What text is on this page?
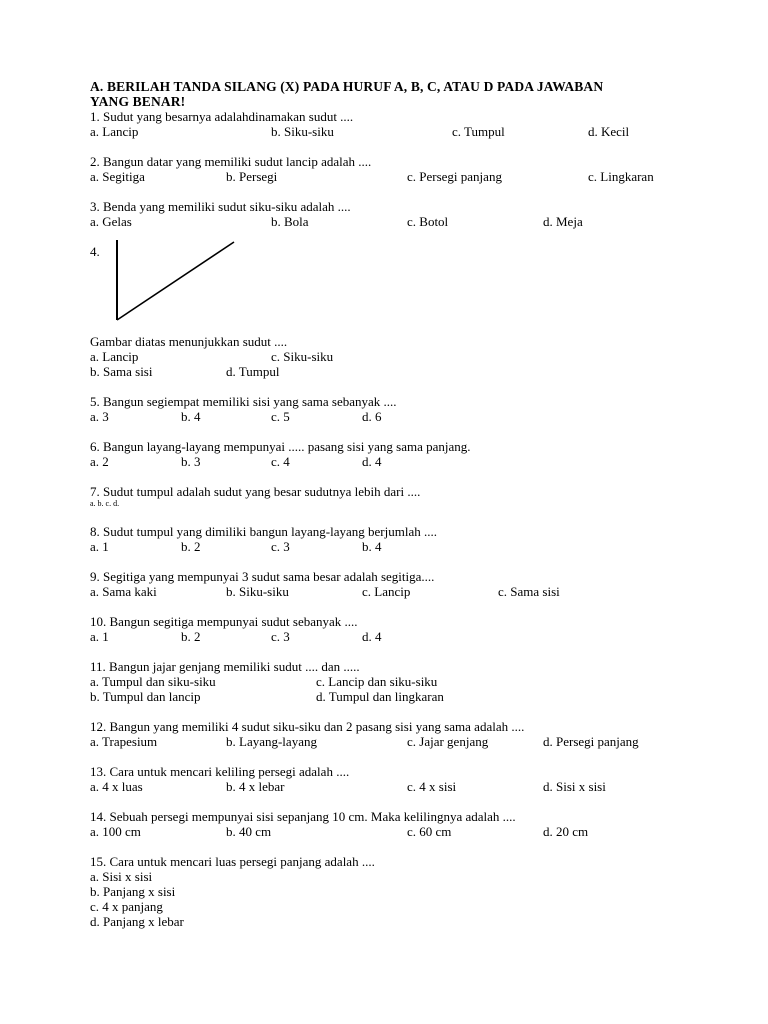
A. BERILAH TANDA SILANG (X) PADA HURUF A, B, C, ATAU D PADA JAWABAN
YANG BENAR!
1. Sudut yang besarnya adalahdinamakan sudut ....
a. Lancip	b. Siku-siku	c. Tumpul	d. Kecil
2. Bangun datar yang memiliki sudut lancip adalah ....
a. Segitiga	b. Persegi	c. Persegi panjang	c. Lingkaran
3. Benda yang memiliki sudut siku-siku adalah ....
a. Gelas	b. Bola	c. Botol	d. Meja
4.
Gambar diatas menunjukkan sudut ....
a. Lancip	c. Siku-siku
b. Sama sisi	d. Tumpul
5. Bangun segiempat memiliki sisi yang sama sebanyak ....
a. 3	b. 4	c. 5	d. 6
6. Bangun layang-layang mempunyai ..... pasang sisi yang sama panjang.
a. 2	b. 3	c. 4	d. 4
7. Sudut tumpul adalah sudut yang besar sudutnya lebih dari ....
a. b. c. d.
8. Sudut tumpul yang dimiliki bangun layang-layang berjumlah ....
a. 1	b. 2	c. 3	b. 4
9. Segitiga yang mempunyai 3 sudut sama besar adalah segitiga....
a. Sama kaki	b. Siku-siku	c. Lancip	c. Sama sisi
10. Bangun segitiga mempunyai sudut sebanyak ....
a. 1	b. 2	c. 3	d. 4
11. Bangun jajar genjang memiliki sudut .... dan .....
a. Tumpul dan siku-siku	c. Lancip dan siku-siku
b. Tumpul dan lancip	d. Tumpul dan lingkaran
12. Bangun yang memiliki 4 sudut siku-siku dan 2 pasang sisi yang sama adalah ....
a. Trapesium	b. Layang-layang	c. Jajar genjang	d. Persegi panjang
13. Cara untuk mencari keliling persegi adalah ....
a. 4 x luas	b. 4 x lebar	c. 4 x sisi	d. Sisi x sisi
14. Sebuah persegi mempunyai sisi sepanjang 10 cm. Maka kelilingnya adalah ....
a. 100 cm	b. 40 cm	c. 60 cm	d. 20 cm
15. Cara untuk mencari luas persegi panjang adalah ....
a. Sisi x sisi
b. Panjang x sisi
c. 4 x panjang
d. Panjang x lebar
